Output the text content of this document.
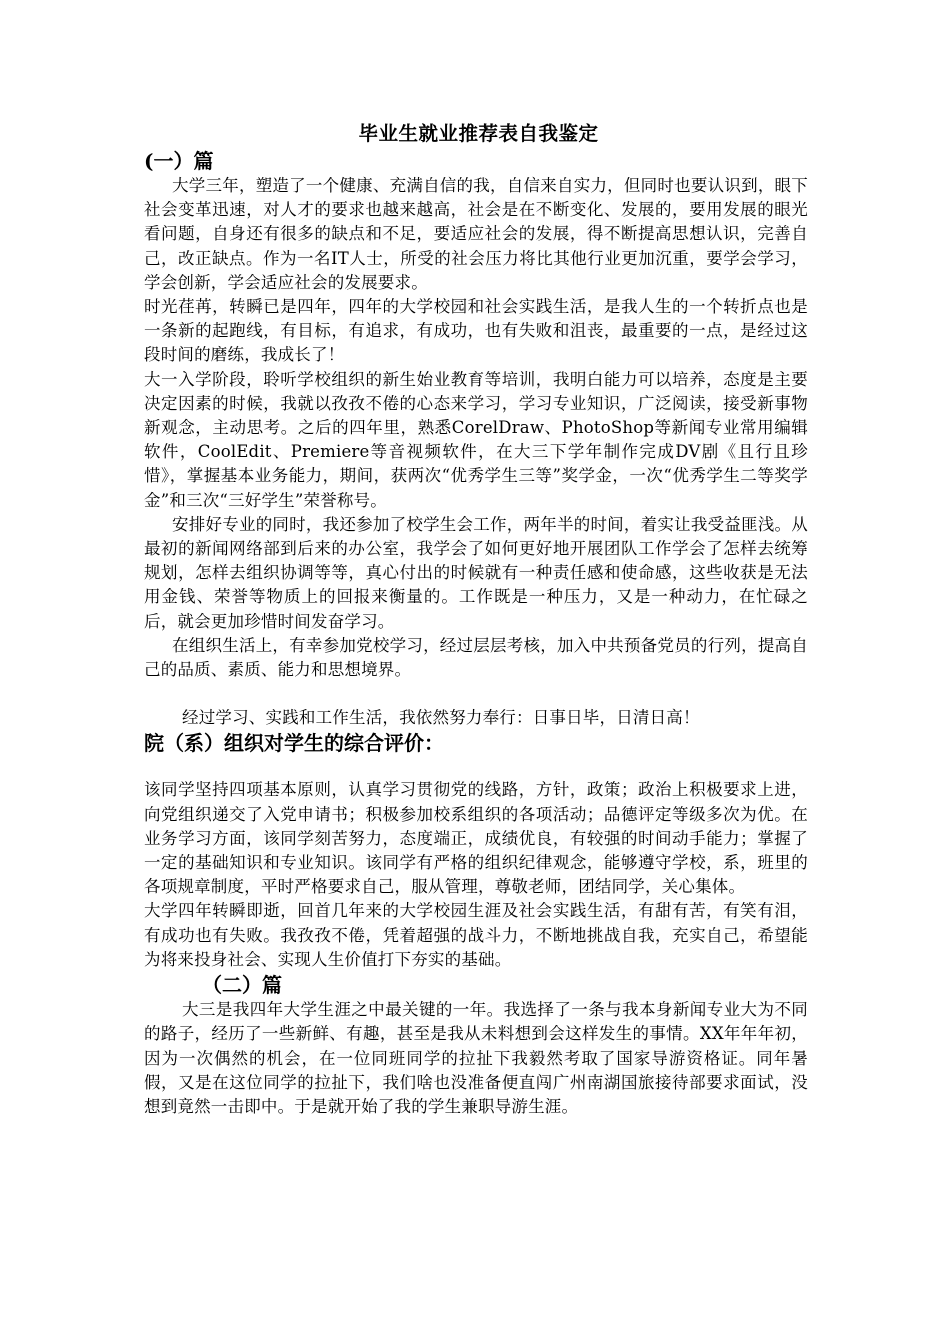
毕业生就业推荐表自我鉴定

(一）篇

大学三年，塑造了一个健康、充满自信的我，自信来自实力，但同时也要认识到，眼下社会变革迅速，对人才的要求也越来越高，社会是在不断变化、发展的，要用发展的眼光看问题，自身还有很多的缺点和不足，要适应社会的发展，得不断提高思想认识，完善自己，改正缺点。作为一名IT人士，所受的社会压力将比其他行业更加沉重，要学会学习，学会创新，学会适应社会的发展要求。

时光荏苒，转瞬已是四年，四年的大学校园和社会实践生活，是我人生的一个转折点也是一条新的起跑线，有目标，有追求，有成功，也有失败和沮丧，最重要的一点，是经过这段时间的磨练，我成长了！

大一入学阶段，聆听学校组织的新生始业教育等培训，我明白能力可以培养，态度是主要决定因素的时候，我就以孜孜不倦的心态来学习，学习专业知识，广泛阅读，接受新事物新观念，主动思考。之后的四年里，熟悉CorelDraw、PhotoShop等新闻专业常用编辑软件，CoolEdit、Premiere等音视频软件，在大三下学年制作完成DV剧《且行且珍惜》，掌握基本业务能力，期间，获两次“优秀学生三等”奖学金，一次“优秀学生二等奖学金”和三次“三好学生”荣誉称号。

安排好专业的同时，我还参加了校学生会工作，两年半的时间，着实让我受益匪浅。从最初的新闻网络部到后来的办公室，我学会了如何更好地开展团队工作学会了怎样去统筹规划，怎样去组织协调等等，真心付出的时候就有一种责任感和使命感，这些收获是无法用金钱、荣誉等物质上的回报来衡量的。工作既是一种压力，又是一种动力，在忙碌之后，就会更加珍惜时间发奋学习。

在组织生活上，有幸参加党校学习，经过层层考核，加入中共预备党员的行列，提高自己的品质、素质、能力和思想境界。

经过学习、实践和工作生活，我依然努力奉行：日事日毕，日清日高！

院（系）组织对学生的综合评价：

该同学坚持四项基本原则，认真学习贯彻党的线路，方针，政策；政治上积极要求上进，向党组织递交了入党申请书；积极参加校系组织的各项活动；品德评定等级多次为优。在业务学习方面，该同学刻苦努力，态度端正，成绩优良，有较强的时间动手能力；掌握了一定的基础知识和专业知识。该同学有严格的组织纪律观念，能够遵守学校，系，班里的各项规章制度，平时严格要求自己，服从管理，尊敬老师，团结同学，关心集体。

大学四年转瞬即逝，回首几年来的大学校园生涯及社会实践生活，有甜有苦，有笑有泪，有成功也有失败。我孜孜不倦，凭着超强的战斗力，不断地挑战自我，充实自己，希望能为将来投身社会、实现人生价值打下夯实的基础。

（二）篇

大三是我四年大学生涯之中最关键的一年。我选择了一条与我本身新闻专业大为不同的路子，经历了一些新鲜、有趣，甚至是我从未料想到会这样发生的事情。XX年年年初，因为一次偶然的机会，在一位同班同学的拉扯下我毅然考取了国家导游资格证。同年暑假，又是在这位同学的拉扯下，我们啥也没准备便直闯广州南湖国旅接待部要求面试，没想到竟然一击即中。于是就开始了我的学生兼职导游生涯。
